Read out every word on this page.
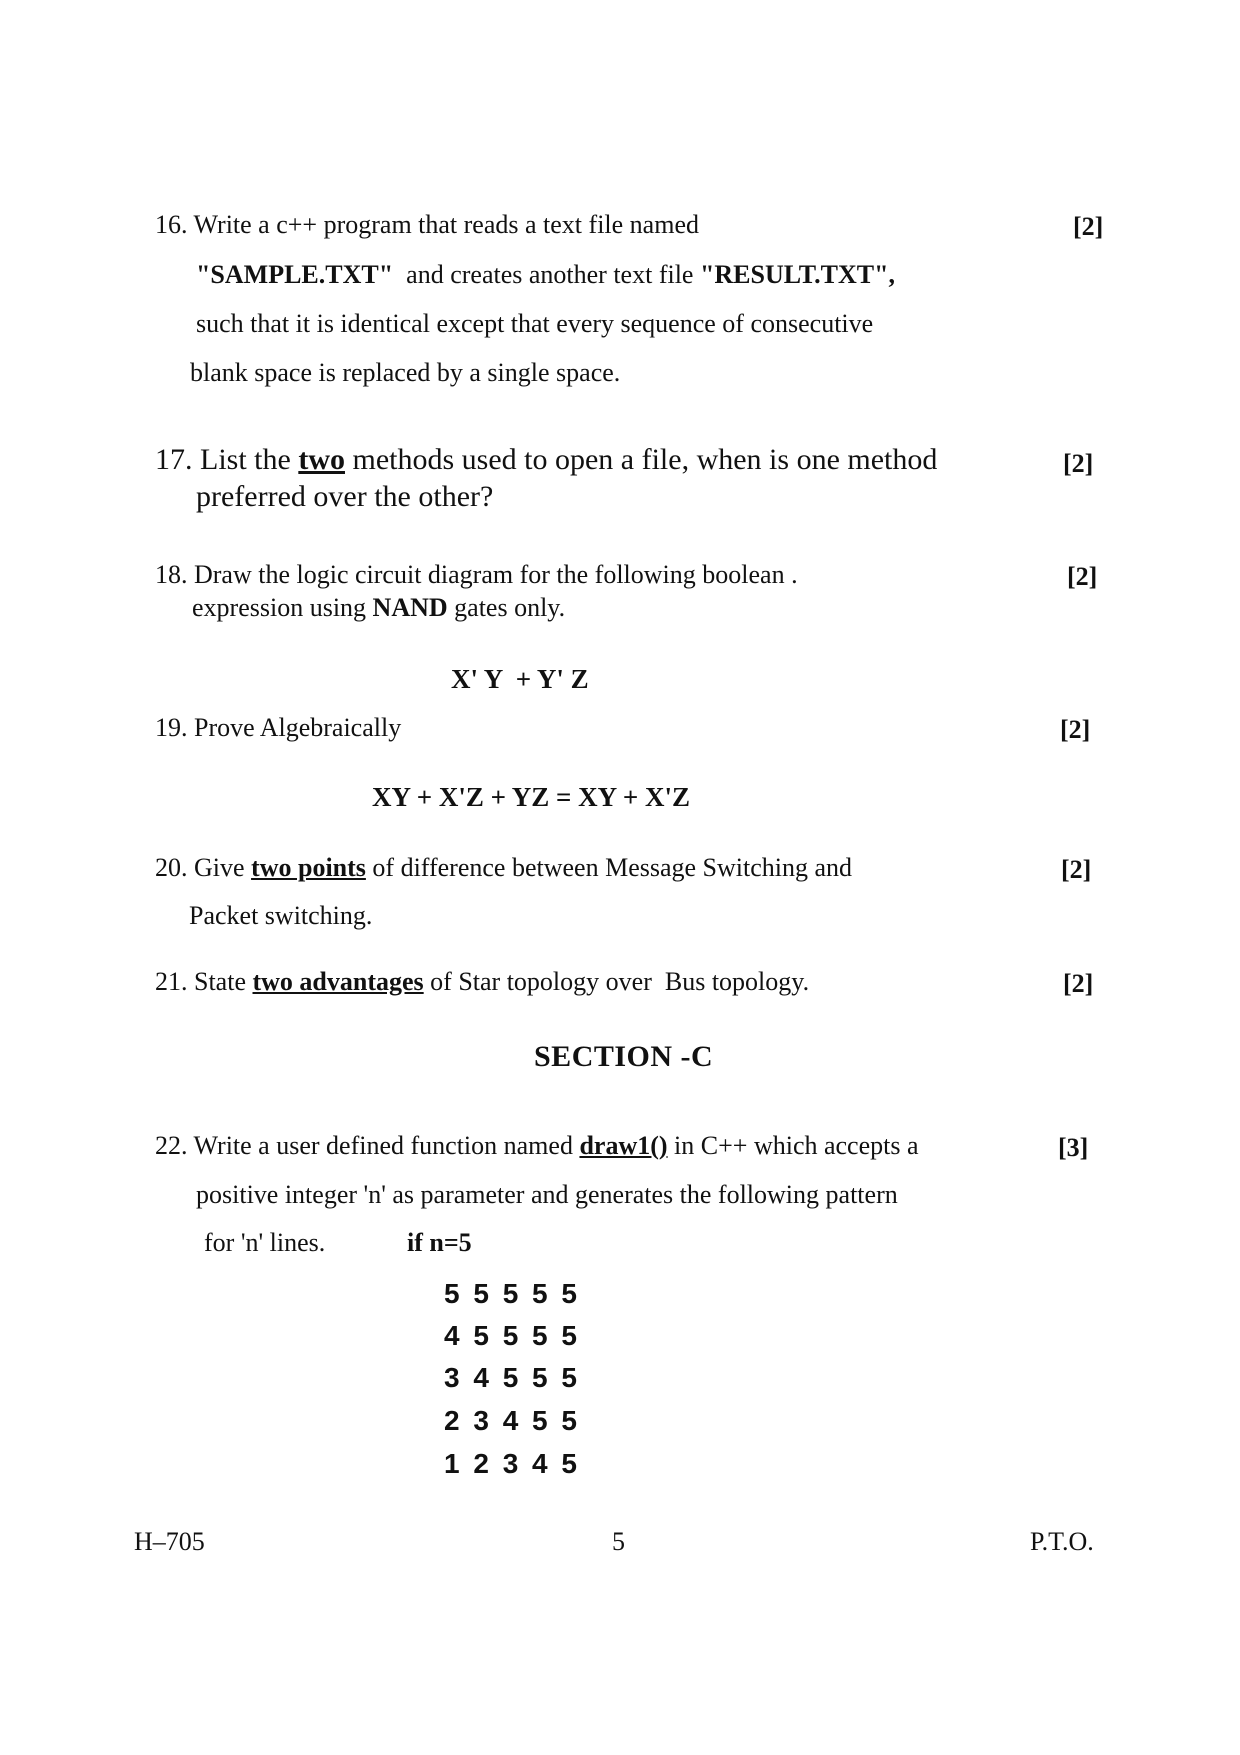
16. Write a c++ program that reads a text file named	[2]
"SAMPLE.TXT" and creates another text file "RESULT.TXT",
such that it is identical except that every sequence of consecutive
blank space is replaced by a single space.
17. List the two methods used to open a file, when is one method	[2]
preferred over the other?
18. Draw the logic circuit diagram for the following boolean .	[2]
expression using NAND gates only.
X' Y  + Y' Z
19. Prove Algebraically	[2]
XY + X'Z + YZ = XY + X'Z
20. Give two points of difference between Message Switching and	[2]
Packet switching.
21. State two advantages of Star topology over  Bus topology.	[2]
SECTION -C
22. Write a user defined function named draw1() in C++ which accepts a	[3]
positive integer 'n' as parameter and generates the following pattern
for 'n' lines.	if n=5
5 5 5 5 5
4 5 5 5 5
3 4 5 5 5
2 3 4 5 5
1 2 3 4 5
H–705	5	P.T.O.
